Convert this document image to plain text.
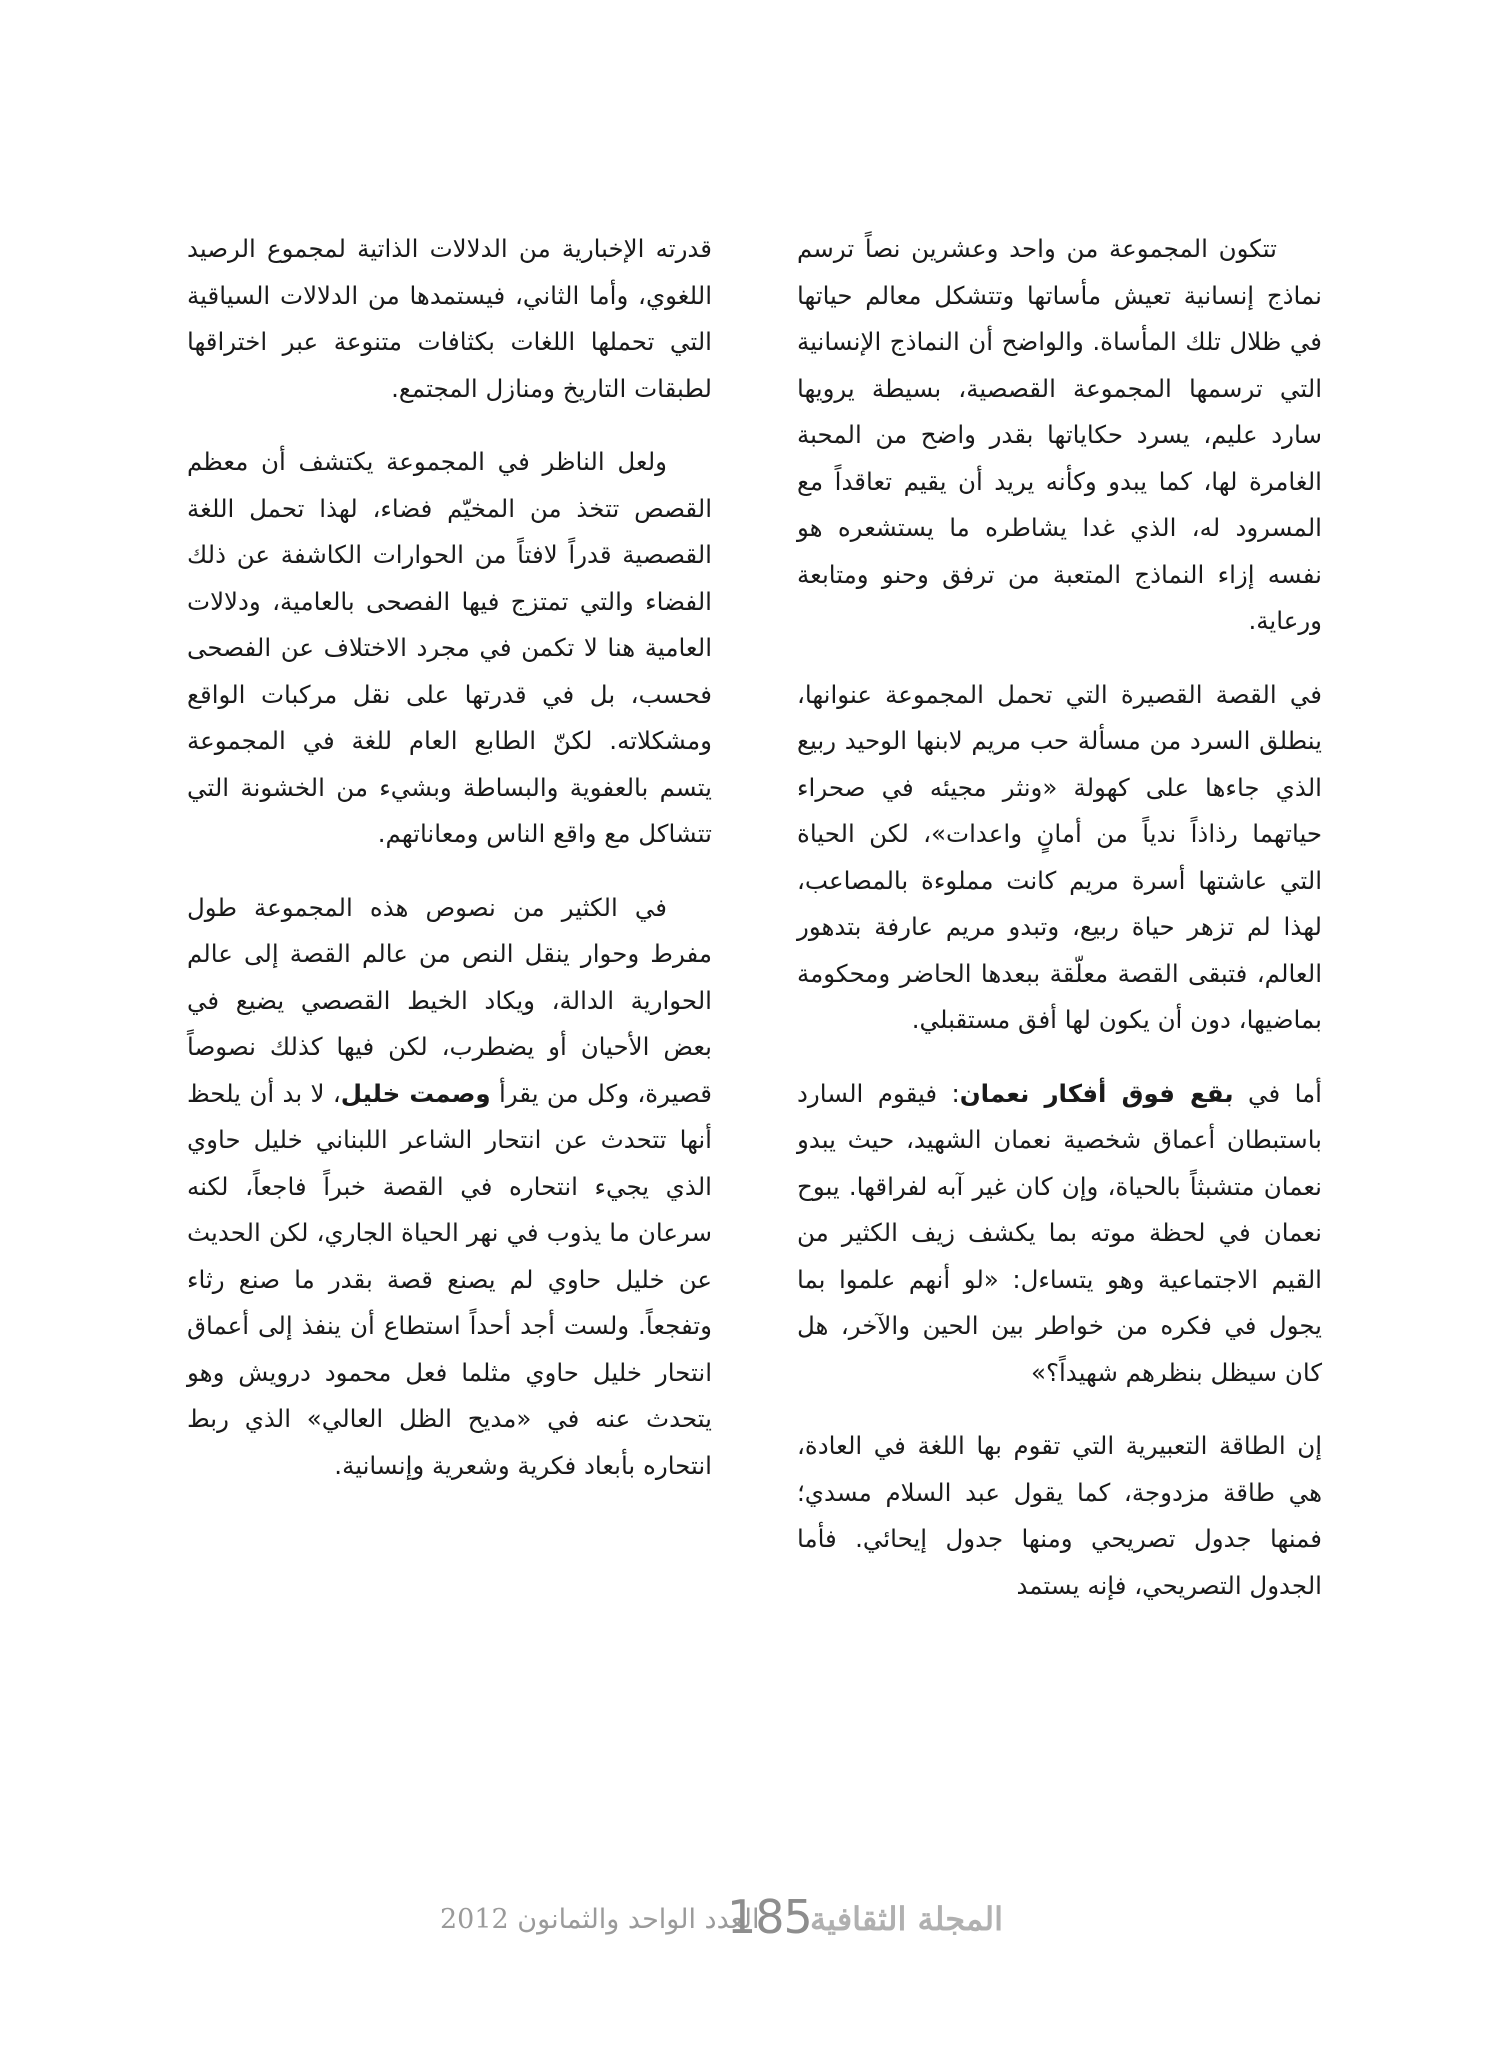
تتكون المجموعة من واحد وعشرين نصاً ترسم نماذج إنسانية تعيش مأساتها وتتشكل معالم حياتها في ظلال تلك المأساة. والواضح أن النماذج الإنسانية التي ترسمها المجموعة القصصية، بسيطة يرويها سارد عليم، يسرد حكاياتها بقدر واضح من المحبة الغامرة لها، كما يبدو وكأنه يريد أن يقيم تعاقداً مع المسرود له، الذي غدا يشاطره ما يستشعره هو نفسه إزاء النماذج المتعبة من ترفق وحنو ومتابعة ورعاية.

في القصة القصيرة التي تحمل المجموعة عنوانها، ينطلق السرد من مسألة حب مريم لابنها الوحيد ربيع الذي جاءها على كهولة «ونثر مجيئه في صحراء حياتهما رذاذاً ندياً من أمانٍ واعدات»، لكن الحياة التي عاشتها أسرة مريم كانت مملوءة بالمصاعب، لهذا لم تزهر حياة ربيع، وتبدو مريم عارفة بتدهور العالم، فتبقى القصة معلّقة ببعدها الحاضر ومحكومة بماضيها، دون أن يكون لها أفق مستقبلي.

أما في بقع فوق أفكار نعمان: فيقوم السارد باستبطان أعماق شخصية نعمان الشهيد، حيث يبدو نعمان متشبثاً بالحياة، وإن كان غير آبه لفراقها. يبوح نعمان في لحظة موته بما يكشف زيف الكثير من القيم الاجتماعية وهو يتساءل: «لو أنهم علموا بما يجول في فكره من خواطر بين الحين والآخر، هل كان سيظل بنظرهم شهيداً؟»

إن الطاقة التعبيرية التي تقوم بها اللغة في العادة، هي طاقة مزدوجة، كما يقول عبد السلام مسدي؛ فمنها جدول تصريحي ومنها جدول إيحائي. فأما الجدول التصريحي، فإنه يستمد

قدرته الإخبارية من الدلالات الذاتية لمجموع الرصيد اللغوي، وأما الثاني، فيستمدها من الدلالات السياقية التي تحملها اللغات بكثافات متنوعة عبر اختراقها لطبقات التاريخ ومنازل المجتمع.

ولعل الناظر في المجموعة يكتشف أن معظم القصص تتخذ من المخيّم فضاء، لهذا تحمل اللغة القصصية قدراً لافتاً من الحوارات الكاشفة عن ذلك الفضاء والتي تمتزج فيها الفصحى بالعامية، ودلالات العامية هنا لا تكمن في مجرد الاختلاف عن الفصحى فحسب، بل في قدرتها على نقل مركبات الواقع ومشكلاته. لكنّ الطابع العام للغة في المجموعة يتسم بالعفوية والبساطة وبشيء من الخشونة التي تتشاكل مع واقع الناس ومعاناتهم.

في الكثير من نصوص هذه المجموعة طول مفرط وحوار ينقل النص من عالم القصة إلى عالم الحوارية الدالة، ويكاد الخيط القصصي يضيع في بعض الأحيان أو يضطرب، لكن فيها كذلك نصوصاً قصيرة، وكل من يقرأ وصمت خليل، لا بد أن يلحظ أنها تتحدث عن انتحار الشاعر اللبناني خليل حاوي الذي يجيء انتحاره في القصة خبراً فاجعاً، لكنه سرعان ما يذوب في نهر الحياة الجاري، لكن الحديث عن خليل حاوي لم يصنع قصة بقدر ما صنع رثاء وتفجعاً. ولست أجد أحداً استطاع أن ينفذ إلى أعماق انتحار خليل حاوي مثلما فعل محمود درويش وهو يتحدث عنه في «مديح الظل العالي» الذي ربط انتحاره بأبعاد فكرية وشعرية وإنسانية.

العدد الواحد والثمانون 2012
185
المجلة الثقافية
